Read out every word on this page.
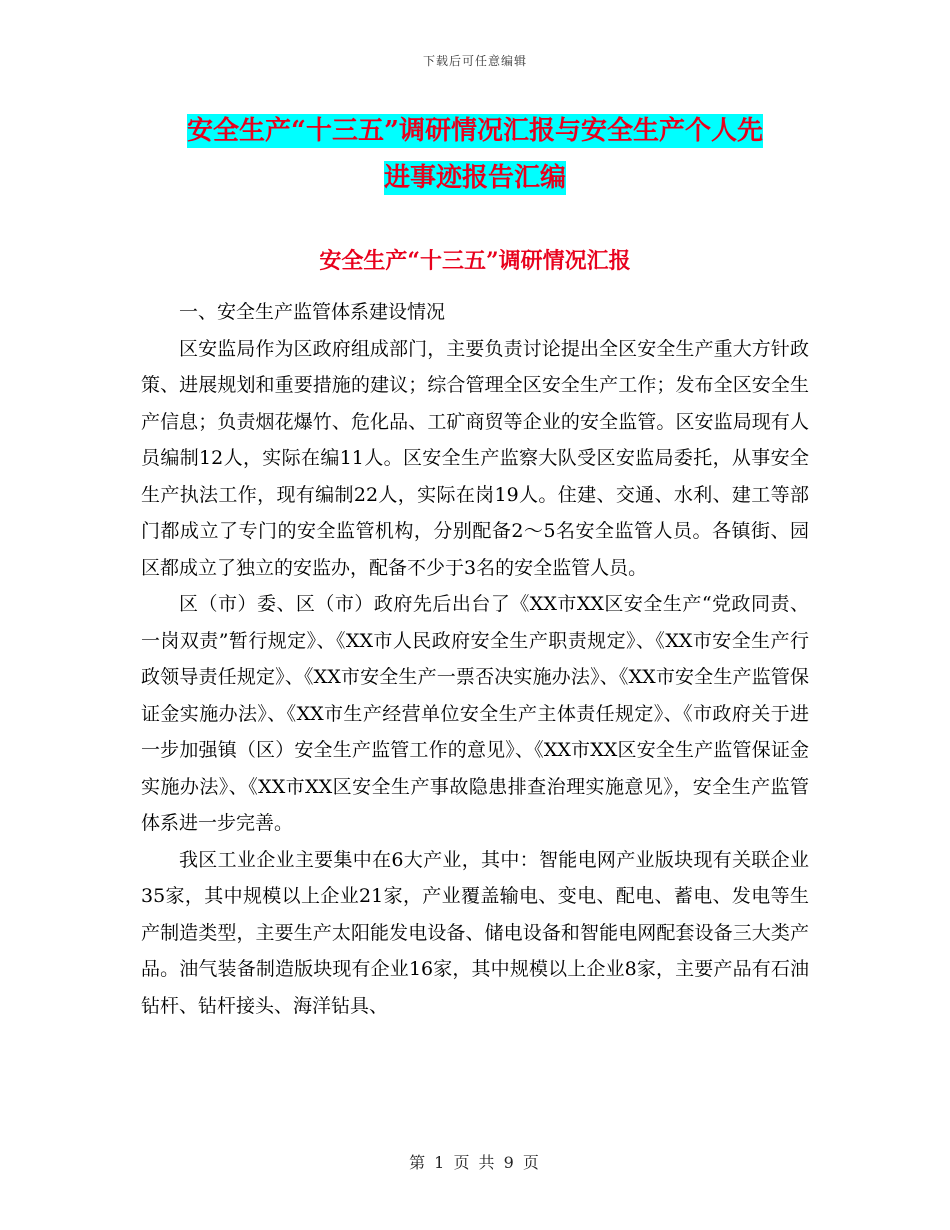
下载后可任意编辑
安全生产“十三五”调研情况汇报与安全生产个人先
进事迹报告汇编
安全生产“十三五”调研情况汇报

一、安全生产监管体系建设情况

区安监局作为区政府组成部门，主要负责讨论提出全区安全生产重大方针政策、进展规划和重要措施的建议；综合管理全区安全生产工作；发布全区安全生产信息；负责烟花爆竹、危化品、工矿商贸等企业的安全监管。区安监局现有人员编制12人，实际在编11人。区安全生产监察大队受区安监局委托，从事安全生产执法工作，现有编制22人，实际在岗19人。住建、交通、水利、建工等部门都成立了专门的安全监管机构，分别配备2～5名安全监管人员。各镇街、园区都成立了独立的安监办，配备不少于3名的安全监管人员。

区（市）委、区（市）政府先后出台了《XX市XX区安全生产“党政同责、一岗双责”暂行规定》、《XX市人民政府安全生产职责规定》、《XX市安全生产行政领导责任规定》、《XX市安全生产一票否决实施办法》、《XX市安全生产监管保证金实施办法》、《XX市生产经营单位安全生产主体责任规定》、《市政府关于进一步加强镇（区）安全生产监管工作的意见》、《XX市XX区安全生产监管保证金实施办法》、《XX市XX区安全生产事故隐患排查治理实施意见》，安全生产监管体系进一步完善。

我区工业企业主要集中在6大产业，其中：智能电网产业版块现有关联企业35家，其中规模以上企业21家，产业覆盖输电、变电、配电、蓄电、发电等生产制造类型，主要生产太阳能发电设备、储电设备和智能电网配套设备三大类产品。油气装备制造版块现有企业16家，其中规模以上企业8家，主要产品有石油钻杆、钻杆接头、海洋钻具、

第 1 页 共 9 页
